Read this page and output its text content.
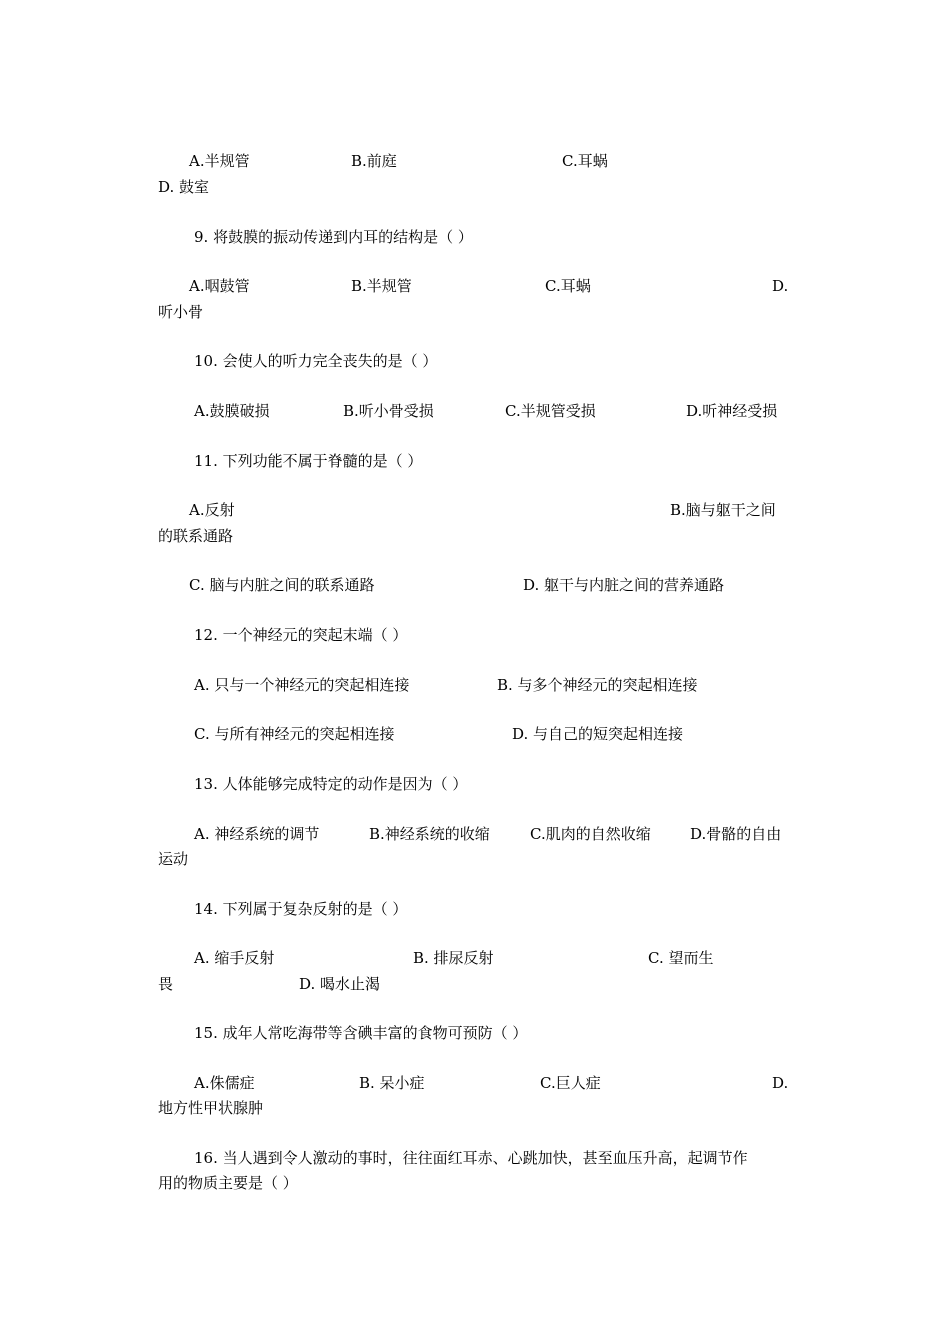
A.半规管	B.前庭	C.耳蜗
D. 鼓室
9. 将鼓膜的振动传递到内耳的结构是（ ）
A.咽鼓管	B.半规管	C.耳蜗	D.
听小骨
10. 会使人的听力完全丧失的是（ ）
A.鼓膜破损	B.听小骨受损	C.半规管受损	D.听神经受损
11. 下列功能不属于脊髓的是（ ）
A.反射	B.脑与躯干之间
的联系通路
C. 脑与内脏之间的联系通路	D. 躯干与内脏之间的营养通路
12. 一个神经元的突起末端（ ）
A. 只与一个神经元的突起相连接	B. 与多个神经元的突起相连接
C. 与所有神经元的突起相连接	D. 与自己的短突起相连接
13. 人体能够完成特定的动作是因为（ ）
A. 神经系统的调节	B.神经系统的收缩	C.肌肉的自然收缩	D.骨骼的自由
运动
14. 下列属于复杂反射的是（ ）
A. 缩手反射	B. 排尿反射	C. 望而生
畏	D. 喝水止渴
15. 成年人常吃海带等含碘丰富的食物可预防（ ）
A.侏儒症	B. 呆小症	C.巨人症	D.
地方性甲状腺肿
16. 当人遇到令人激动的事时，往往面红耳赤、心跳加快，甚至血压升高，起调节作
用的物质主要是（ ）
